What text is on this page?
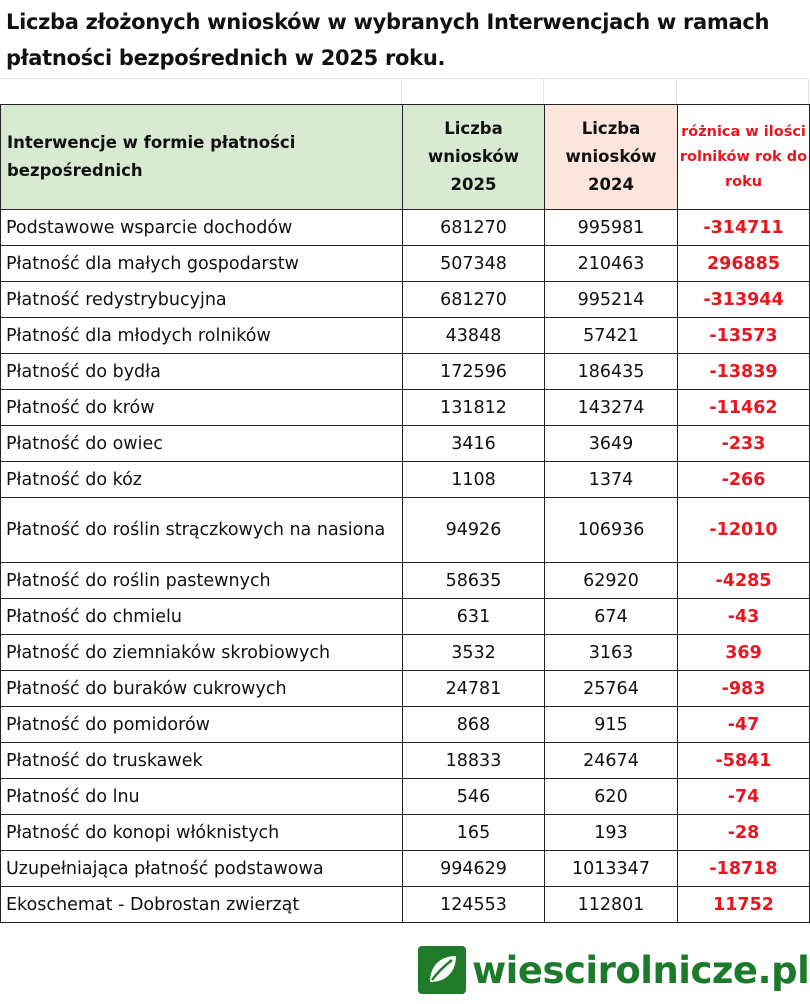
Liczba złożonych wniosków w wybranych Interwencjach w ramach płatności bezpośrednich w 2025 roku.
Interwencje w formie płatności bezpośrednich	Liczba wniosków 2025	Liczba wniosków 2024	różnica w ilości rolników rok do roku
Podstawowe wsparcie dochodów	681270	995981	-314711
Płatność dla małych gospodarstw	507348	210463	296885
Płatność redystrybucyjna	681270	995214	-313944
Płatność dla młodych rolników	43848	57421	-13573
Płatność do bydła	172596	186435	-13839
Płatność do krów	131812	143274	-11462
Płatność do owiec	3416	3649	-233
Płatność do kóz	1108	1374	-266
Płatność do roślin strączkowych na nasiona	94926	106936	-12010
Płatność do roślin pastewnych	58635	62920	-4285
Płatność do chmielu	631	674	-43
Płatność do ziemniaków skrobiowych	3532	3163	369
Płatność do buraków cukrowych	24781	25764	-983
Płatność do pomidorów	868	915	-47
Płatność do truskawek	18833	24674	-5841
Płatność do lnu	546	620	-74
Płatność do konopi włóknistych	165	193	-28
Uzupełniająca płatność podstawowa	994629	1013347	-18718
Ekoschemat - Dobrostan zwierząt	124553	112801	11752
wiescirolnicze.pl
